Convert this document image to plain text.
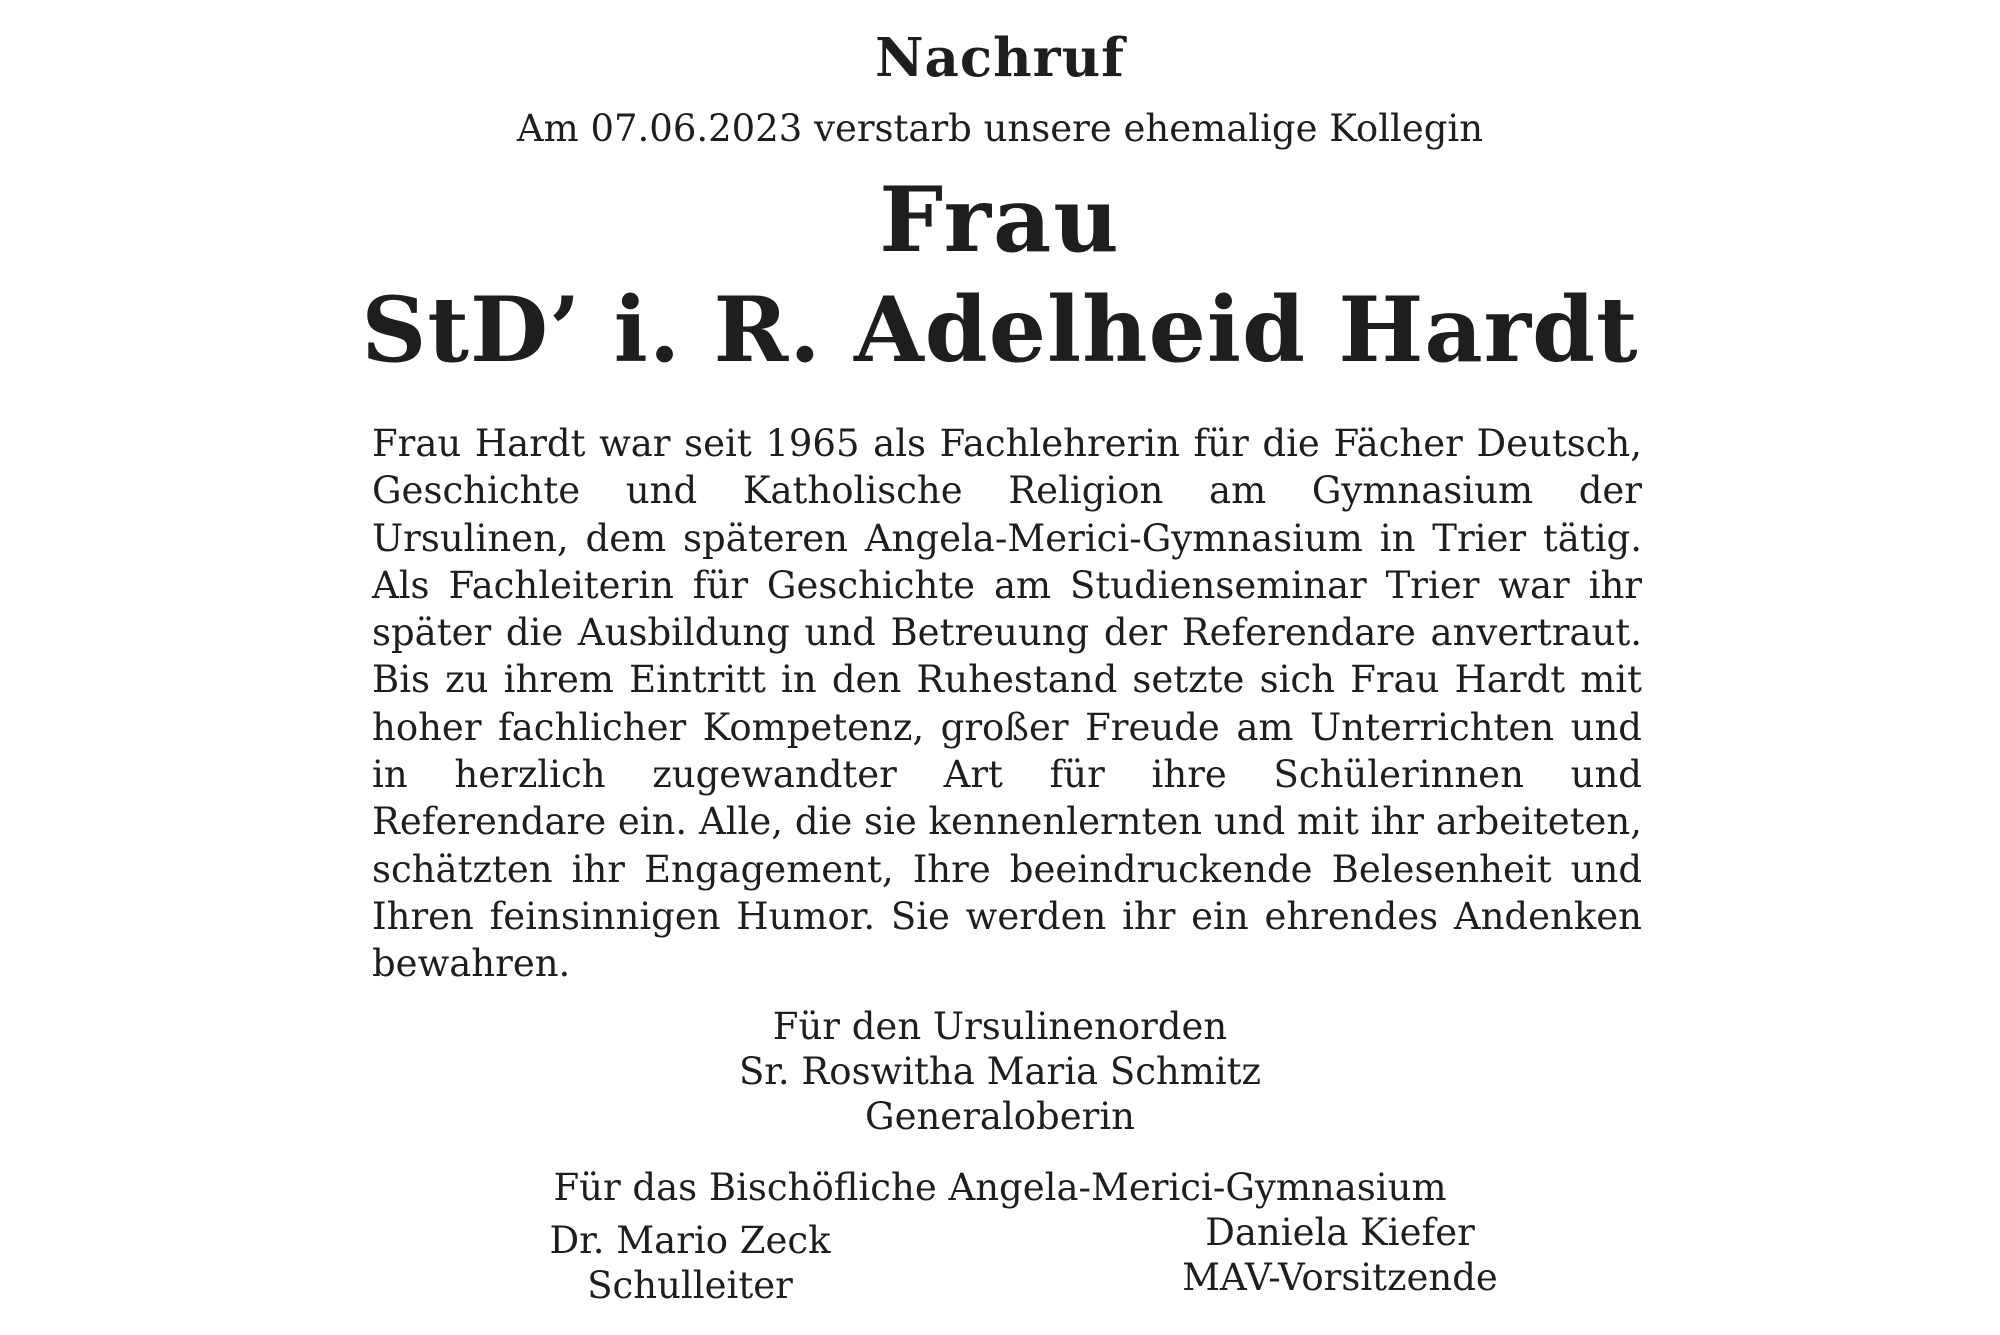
Nachruf
Am 07.06.2023 verstarb unsere ehemalige Kollegin
Frau
StD’ i. R. Adelheid Hardt
Frau Hardt war seit 1965 als Fachlehrerin für die Fächer Deutsch, Geschichte und Katholische Religion am Gymnasium der Ursulinen, dem späteren Angela-Merici-Gymnasium in Trier tätig. Als Fachleiterin für Geschichte am Studienseminar Trier war ihr später die Ausbildung und Betreuung der Referendare anvertraut. Bis zu ihrem Eintritt in den Ruhestand setzte sich Frau Hardt mit hoher fachlicher Kompetenz, großer Freude am Unterrichten und in herzlich zugewandter Art für ihre Schülerinnen und Referendare ein. Alle, die sie kennenlernten und mit ihr arbeiteten, schätzten ihr Engagement, Ihre beeindruckende Belesenheit und Ihren feinsinnigen Humor. Sie werden ihr ein ehrendes Andenken bewahren.
Für den Ursulinenorden
Sr. Roswitha Maria Schmitz
Generaloberin
Für das Bischöfliche Angela-Merici-Gymnasium
Dr. Mario Zeck
Schulleiter
Daniela Kiefer
MAV-Vorsitzende
